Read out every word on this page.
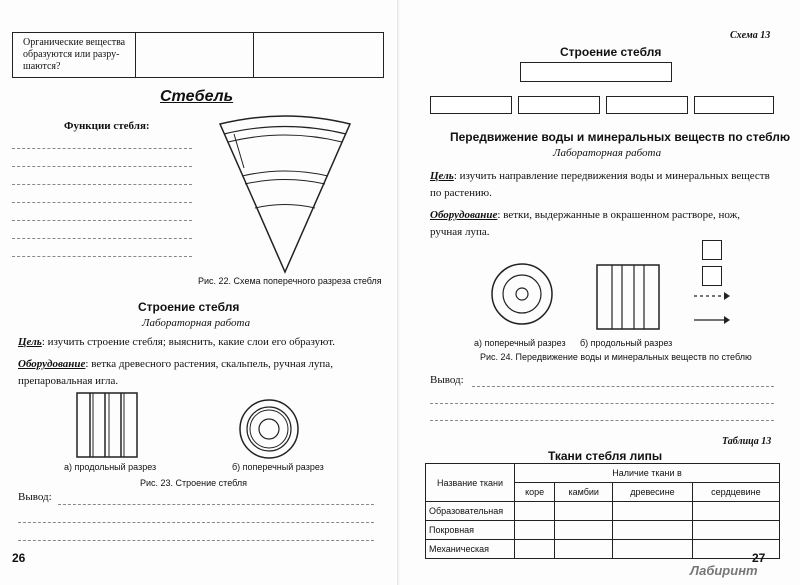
Органические вещества образуются или разру-шаются?
Стебель
Функции стебля:
Рис. 22. Схема поперечного разреза стебля
Строение стебля
Лабораторная работа
Цель: изучить строение стебля; выяснить, какие слои его образуют.
Оборудование: ветка древесного растения, скальпель, ручная лупа, препаровальная игла.
а) продольный разрез	б) поперечный разрез
Рис. 23. Строение стебля
Вывод:
26
Схема 13
Строение стебля
Передвижение воды и минеральных веществ по стеблю
Лабораторная работа
Цель: изучить направление передвижения воды и минеральных веществ по растению.
Оборудование: ветки, выдержанные в окрашенном растворе, нож, ручная лупа.
а) поперечный разрез б) продольный разрез
Рис. 24. Передвижение воды и минеральных веществ по стеблю
Вывод:
Таблица 13
Ткани стебля липы
27
Лабиринт
Название ткани	Наличие ткани в			
	коре	камбии	древесине	сердцевине
Образовательная				
Покровная				
Механическая				
